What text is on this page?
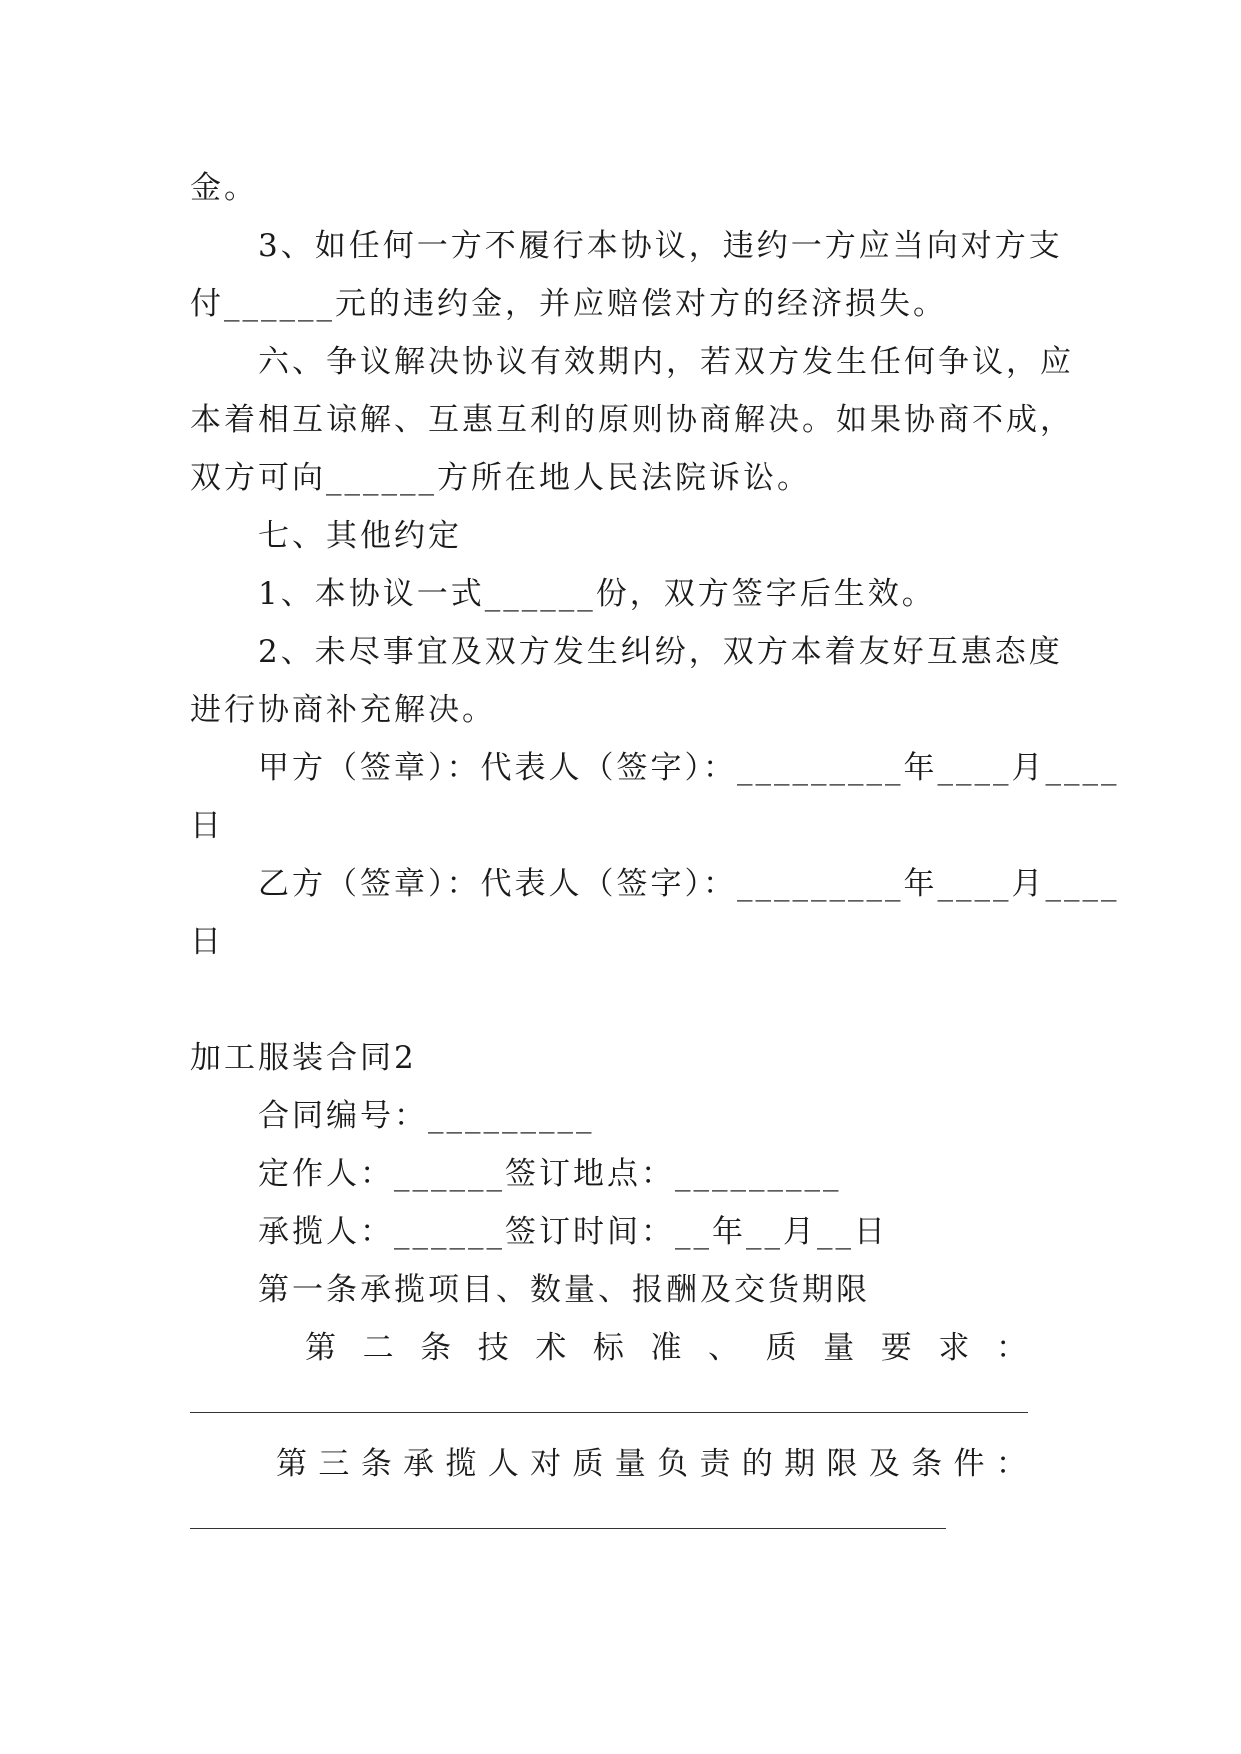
金。
3、如任何一方不履行本协议，违约一方应当向对方支
付______元的违约金，并应赔偿对方的经济损失。
六、争议解决协议有效期内，若双方发生任何争议，应
本着相互谅解、互惠互利的原则协商解决。如果协商不成，
双方可向______方所在地人民法院诉讼。
七、其他约定
1、本协议一式______份，双方签字后生效。
2、未尽事宜及双方发生纠纷，双方本着友好互惠态度
进行协商补充解决。
甲方（签章）：代表人（签字）：_________年____月____
日
乙方（签章）：代表人（签字）：_________年____月____
日
加工服装合同2
合同编号：_________
定作人：______签订地点：_________
承揽人：______签订时间：__年__月__日
第一条承揽项目、数量、报酬及交货期限
第 二 条 技 术 标 准 、 质 量 要 求 ：
第 三 条 承 揽 人 对 质 量 负 责 的 期 限 及 条 件 ：
